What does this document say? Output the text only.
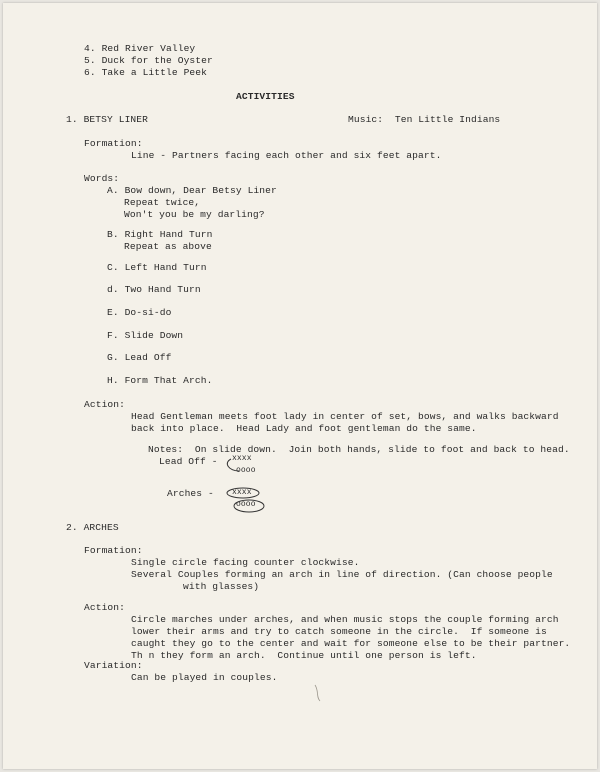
4. Red River Valley
5. Duck for the Oyster
6. Take a Little Peek
ACTIVITIES
1. BETSY LINER	Music:  Ten Little Indians
Formation:
Line - Partners facing each other and six feet apart.
Words:
A. Bow down, Dear Betsy Liner
Repeat twice,
Won't you be my darling?
B. Right Hand Turn
Repeat as above
C. Left Hand Turn
d. Two Hand Turn
E. Do-si-do
F. Slide Down
G. Lead Off
H. Form That Arch.
Action:
Head Gentleman meets foot lady in center of set, bows, and walks backward
back into place.  Head Lady and foot gentleman do the same.
Notes:  On slide down.  Join both hands, slide to foot and back to head.
Lead Off - xxxx
oooo
Arches - xxxx
oooo
2. ARCHES
Formation:
Single circle facing counter clockwise.
Several Couples forming an arch in line of direction. (Can choose people
with glasses)
Action:
Circle marches under arches, and when music stops the couple forming arch
lower their arms and try to catch someone in the circle.  If someone is
caught they go to the center and wait for someone else to be their partner.
Th n they form an arch.  Continue until one person is left.
Variation:
Can be played in couples.
